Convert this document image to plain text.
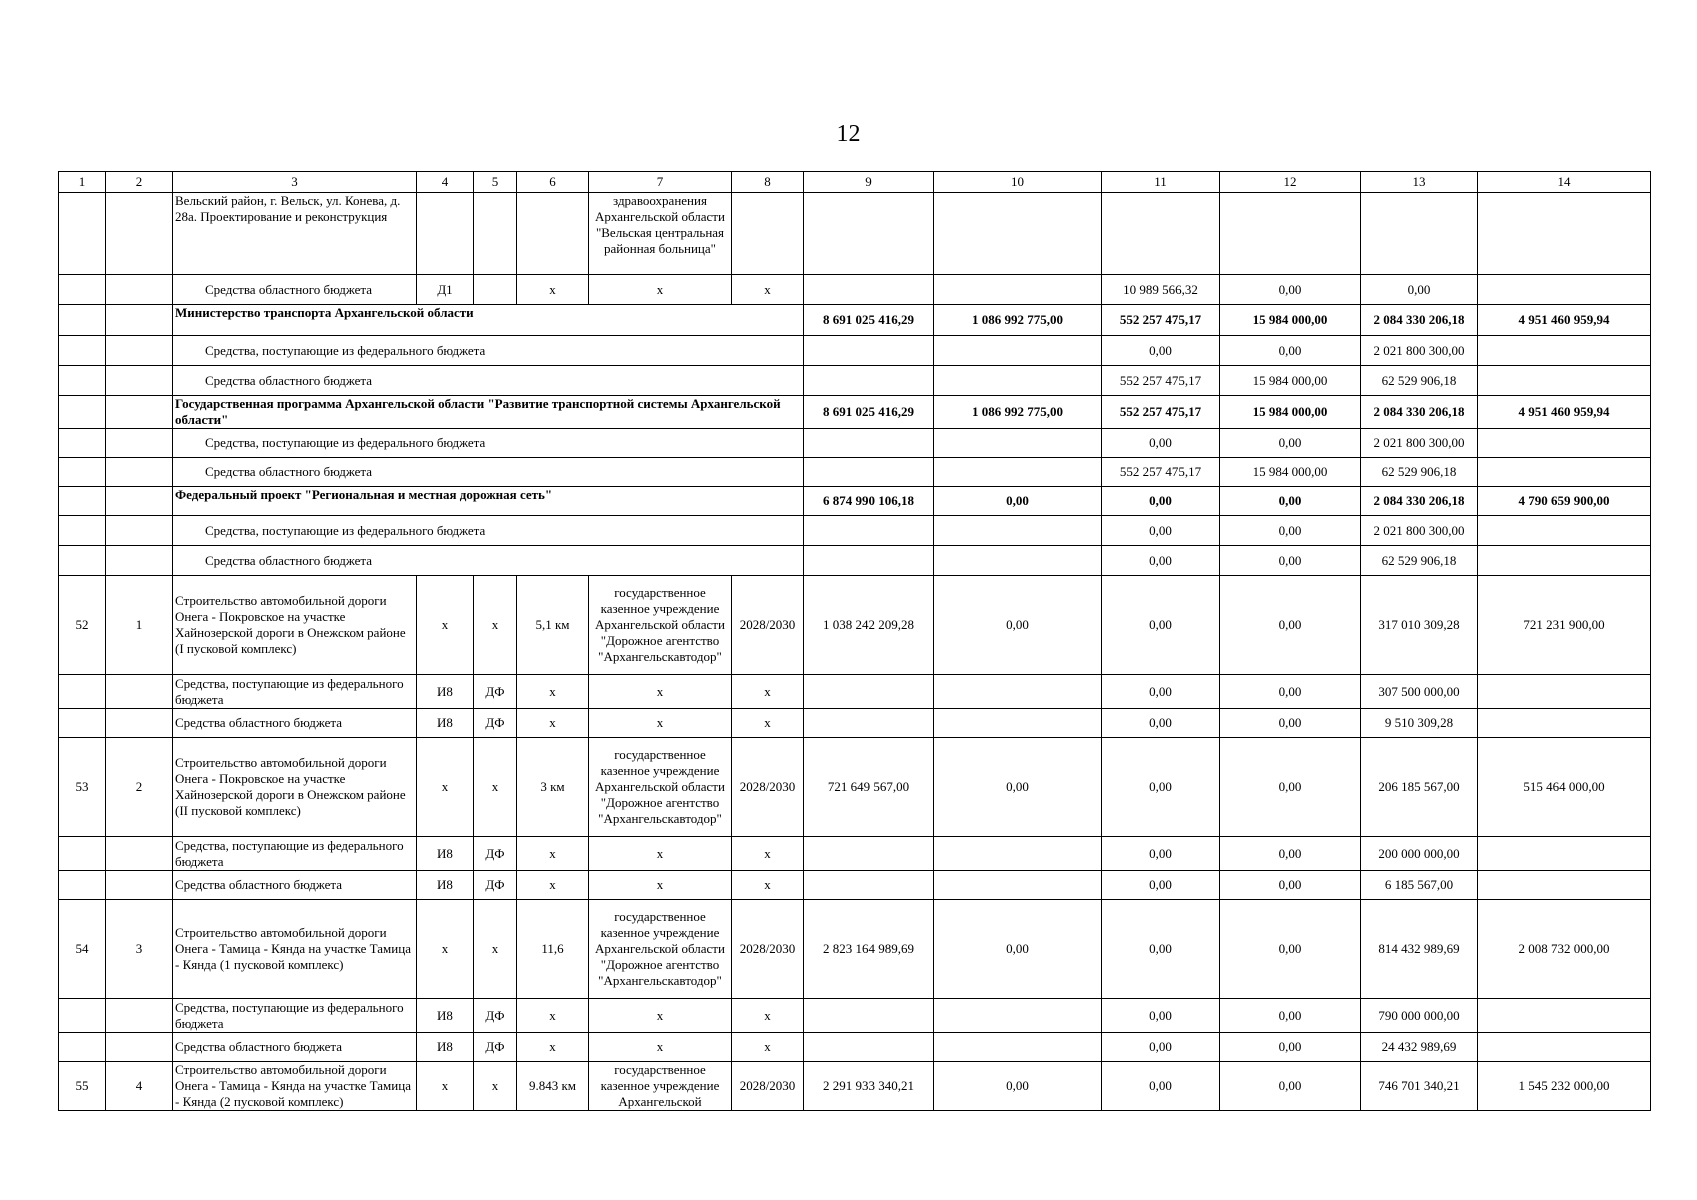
12
1	2	3	4	5	6	7	8	9	10	11	12	13	14
		Вельский район, г. Вельск, ул. Конева, д. 28а. Проектирование и реконструкция				здравоохранения Архангельской области "Вельская центральная районная больница"							
		Средства областного бюджета	Д1		х	х	х			10 989 566,32	0,00	0,00	
		Министерство транспорта Архангельской области						8 691 025 416,29	1 086 992 775,00	552 257 475,17	15 984 000,00	2 084 330 206,18	4 951 460 959,94
		Средства, поступающие из федерального бюджета								0,00	0,00	2 021 800 300,00	
		Средства областного бюджета								552 257 475,17	15 984 000,00	62 529 906,18	
		Государственная программа Архангельской области "Развитие транспортной системы Архангельской области"						8 691 025 416,29	1 086 992 775,00	552 257 475,17	15 984 000,00	2 084 330 206,18	4 951 460 959,94
		Средства, поступающие из федерального бюджета								0,00	0,00	2 021 800 300,00	
		Средства областного бюджета								552 257 475,17	15 984 000,00	62 529 906,18	
		Федеральный проект "Региональная и местная дорожная сеть"						6 874 990 106,18	0,00	0,00	0,00	2 084 330 206,18	4 790 659 900,00
		Средства, поступающие из федерального бюджета								0,00	0,00	2 021 800 300,00	
		Средства областного бюджета								0,00	0,00	62 529 906,18	
52	1	Строительство автомобильной дороги Онега - Покровское на участке Хайнозерской дороги в Онежском районе (I пусковой комплекс)	х	х	5,1 км	государственное казенное учреждение Архангельской области "Дорожное агентство "Архангельскавтодор"	2028/2030	1 038 242 209,28	0,00	0,00	0,00	317 010 309,28	721 231 900,00
		Средства, поступающие из федерального бюджета	И8	ДФ	х	х	х			0,00	0,00	307 500 000,00	
		Средства областного бюджета	И8	ДФ	х	х	х			0,00	0,00	9 510 309,28	
53	2	Строительство автомобильной дороги Онега - Покровское на участке Хайнозерской дороги в Онежском районе (II пусковой комплекс)	х	х	3 км	государственное казенное учреждение Архангельской области "Дорожное агентство "Архангельскавтодор"	2028/2030	721 649 567,00	0,00	0,00	0,00	206 185 567,00	515 464 000,00
		Средства, поступающие из федерального бюджета	И8	ДФ	х	х	х			0,00	0,00	200 000 000,00	
		Средства областного бюджета	И8	ДФ	х	х	х			0,00	0,00	6 185 567,00	
54	3	Строительство автомобильной дороги Онега - Тамица - Кянда на участке Тамица - Кянда (1 пусковой комплекс)	х	х	11,6	государственное казенное учреждение Архангельской области "Дорожное агентство "Архангельскавтодор"	2028/2030	2 823 164 989,69	0,00	0,00	0,00	814 432 989,69	2 008 732 000,00
		Средства, поступающие из федерального бюджета	И8	ДФ	х	х	х			0,00	0,00	790 000 000,00	
		Средства областного бюджета	И8	ДФ	х	х	х			0,00	0,00	24 432 989,69	
55	4	Строительство автомобильной дороги Онега - Тамица - Кянда на участке Тамица - Кянда (2 пусковой комплекс)	х	х	9.843 км	государственное казенное учреждение Архангельской	2028/2030	2 291 933 340,21	0,00	0,00	0,00	746 701 340,21	1 545 232 000,00
